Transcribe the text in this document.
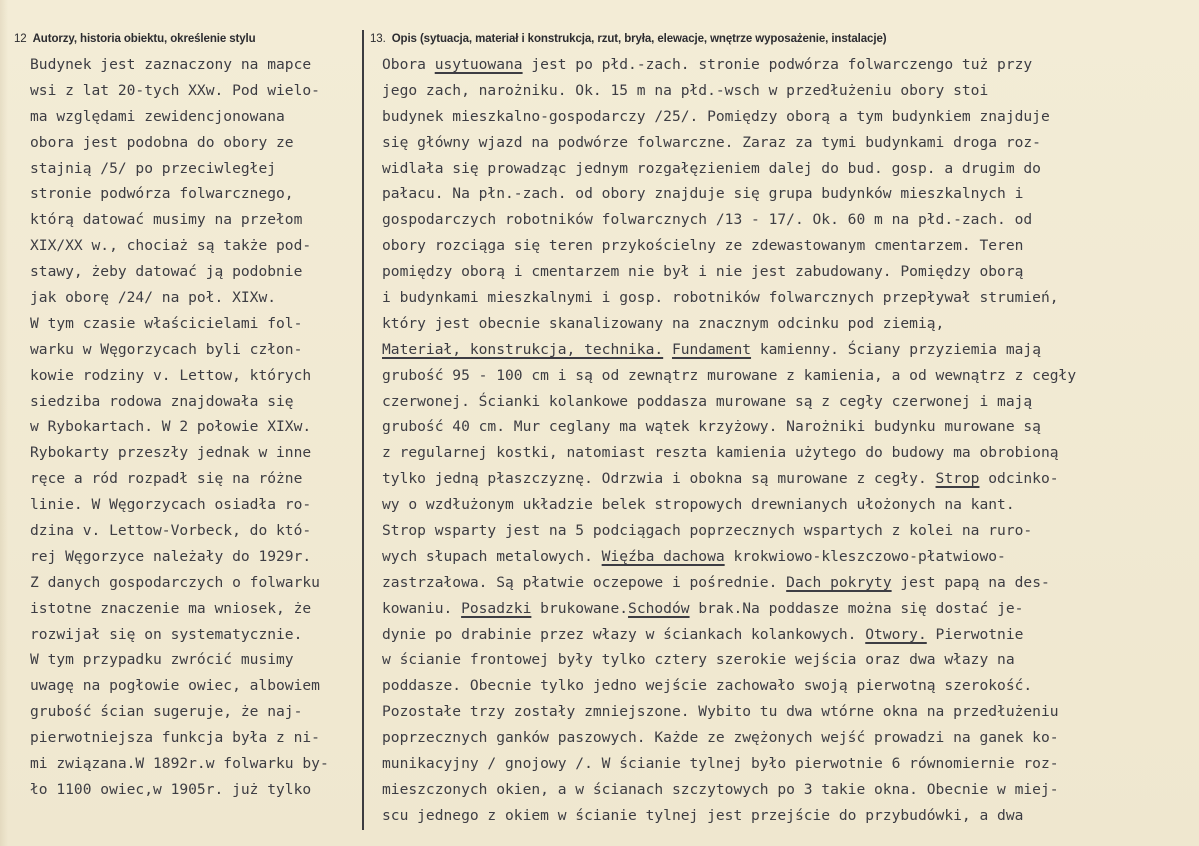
12 Autorzy, historia obiektu, określenie stylu	13. Opis (sytuacja, materiał i konstrukcja, rzut, bryła, elewacje, wnętrze wyposażenie, instalacje)
Budynek jest zaznaczony na mapce
wsi z lat 20-tych XXw. Pod wielo-
ma względami zewidencjonowana
obora jest podobna do obory ze
stajnią /5/ po przeciwległej
stronie podwórza folwarcznego,
którą datować musimy na przełom
XIX/XX w., chociaż są także pod-
stawy, żeby datować ją podobnie
jak oborę /24/ na poł. XIXw.
W tym czasie właścicielami fol-
warku w Węgorzycach byli człon-
kowie rodziny v. Lettow, których
siedziba rodowa znajdowała się
w Rybokartach. W 2 połowie XIXw.
Rybokarty przeszły jednak w inne
ręce a ród rozpadł się na różne
linie. W Węgorzycach osiadła ro-
dzina v. Lettow-Vorbeck, do któ-
rej Węgorzyce należały do 1929r.
Z danych gospodarczych o folwarku
istotne znaczenie ma wniosek, że
rozwijał się on systematycznie.
W tym przypadku zwrócić musimy
uwagę na pogłowie owiec, albowiem
grubość ścian sugeruje, że naj-
pierwotniejsza funkcja była z ni-
mi związana.W 1892r.w folwarku by-
ło 1100 owiec,w 1905r. już tylko
Obora usytuowana jest po płd.-zach. stronie podwórza folwarczengo tuż przy
jego zach, narożniku. Ok. 15 m na płd.-wsch w przedłużeniu obory stoi
budynek mieszkalno-gospodarczy /25/. Pomiędzy oborą a tym budynkiem znajduje
się główny wjazd na podwórze folwarczne. Zaraz za tymi budynkami droga roz-
widlała się prowadząc jednym rozgałęzieniem dalej do bud. gosp. a drugim do
pałacu. Na płn.-zach. od obory znajduje się grupa budynków mieszkalnych i
gospodarczych robotników folwarcznych /13 - 17/. Ok. 60 m na płd.-zach. od
obory rozciąga się teren przykościelny ze zdewastowanym cmentarzem. Teren
pomiędzy oborą i cmentarzem nie był i nie jest zabudowany. Pomiędzy oborą
i budynkami mieszkalnymi i gosp. robotników folwarcznych przepływał strumień,
który jest obecnie skanalizowany na znacznym odcinku pod ziemią,
Materiał, konstrukcja, technika. Fundament kamienny. Ściany przyziemia mają
grubość 95 - 100 cm i są od zewnątrz murowane z kamienia, a od wewnątrz z cegły
czerwonej. Ścianki kolankowe poddasza murowane są z cegły czerwonej i mają
grubość 40 cm. Mur ceglany ma wątek krzyżowy. Narożniki budynku murowane są
z regularnej kostki, natomiast reszta kamienia użytego do budowy ma obrobioną
tylko jedną płaszczyznę. Odrzwia i obokna są murowane z cegły. Strop odcinko-
wy o wzdłużonym układzie belek stropowych drewnianych ułożonych na kant.
Strop wsparty jest na 5 podciągach poprzecznych wspartych z kolei na ruro-
wych słupach metalowych. Więźba dachowa krokwiowo-kleszczowo-płatwiowo-
zastrzałowa. Są płatwie oczepowe i pośrednie. Dach pokryty jest papą na des-
kowaniu. Posadzki brukowane.Schodów brak.Na poddasze można się dostać je-
dynie po drabinie przez włazy w ściankach kolankowych. Otwory. Pierwotnie
w ścianie frontowej były tylko cztery szerokie wejścia oraz dwa włazy na
poddasze. Obecnie tylko jedno wejście zachowało swoją pierwotną szerokość.
Pozostałe trzy zostały zmniejszone. Wybito tu dwa wtórne okna na przedłużeniu
poprzecznych ganków paszowych. Każde ze zwężonych wejść prowadzi na ganek ko-
munikacyjny / gnojowy /. W ścianie tylnej było pierwotnie 6 równomiernie roz-
mieszczonych okien, a w ścianach szczytowych po 3 takie okna. Obecnie w miej-
scu jednego z okiem w ścianie tylnej jest przejście do przybudówki, a dwa
